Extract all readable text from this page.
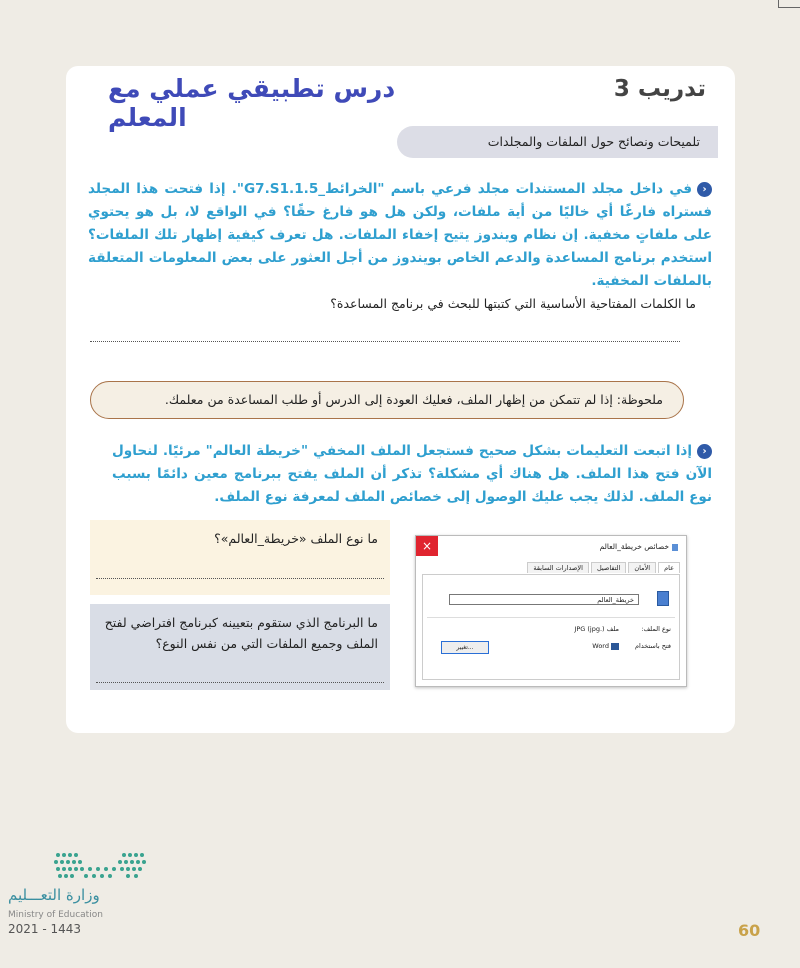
درس تطبيقي عملي مع المعلم
تدريب 3
تلميحات ونصائح حول الملفات والمجلدات
‹في داخل مجلد المستندات مجلد فرعي باسم "الخرائط_G7.S1.1.5". إذا فتحت هذا المجلد فستراه فارغًا أي خاليًا من أية ملفات، ولكن هل هو فارغ حقًا؟ في الواقع لا، بل هو يحتوي على ملفاتٍ مخفية. إن نظام ويندوز يتيح إخفاء الملفات. هل تعرف كيفية إظهار تلك الملفات؟ استخدم برنامج المساعدة والدعم الخاص بويندوز من أجل العثور على بعض المعلومات المتعلقة بالملفات المخفية.
ما الكلمات المفتاحية الأساسية التي كتبتها للبحث في برنامج المساعدة؟
ملحوظة: إذا لم تتمكن من إظهار الملف، فعليك العودة إلى الدرس أو طلب المساعدة من معلمك.
‹إذا اتبعت التعليمات بشكل صحيح فستجعل الملف المخفي "خريطة العالم" مرئيًا. لنحاول الآن فتح هذا الملف. هل هناك أي مشكلة؟ تذكر أن الملف يفتح ببرنامج معين دائمًا بسبب نوع الملف. لذلك يجب عليك الوصول إلى خصائص الملف لمعرفة نوع الملف.
ما نوع الملف «خريطة_العالم»؟
ما البرنامج الذي ستقوم بتعيينه كبرنامج افتراضي لفتح الملف وجميع الملفات التي من نفس النوع؟
×	خصائص خريطة_العالم
عام
الأمان
التفاصيل
الإصدارات السابقة
خريطة_العالم
نوع الملف:
ملف JPG (jpg.)
فتح باستخدام
Word
تغيير...
وزارة التعـــليم
Ministry of Education
2021 - 1443	60
